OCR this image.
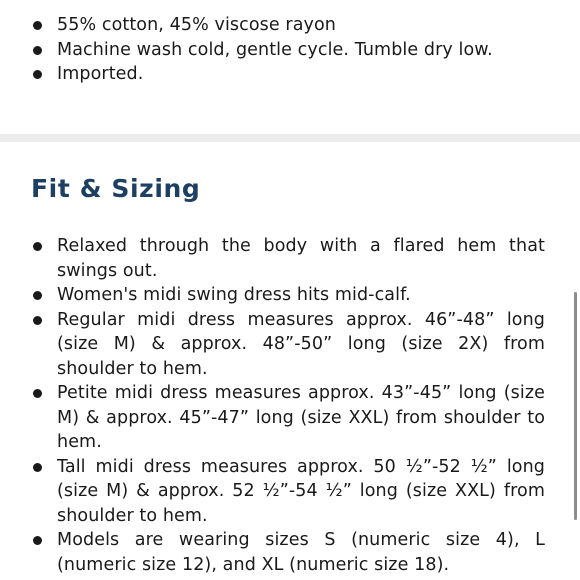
55% cotton, 45% viscose rayon
Machine wash cold, gentle cycle. Tumble dry low.
Imported.
Fit & Sizing
Relaxed through the body with a flared hem that swings out.
Women's midi swing dress hits mid-calf.
Regular midi dress measures approx. 46”-48” long (size M) & approx. 48”-50” long (size 2X) from shoulder to hem.
Petite midi dress measures approx. 43”-45” long (size M) & approx. 45”-47” long (size XXL) from shoulder to hem.
Tall midi dress measures approx. 50 ½”-52 ½” long (size M) & approx. 52 ½”-54 ½” long (size XXL) from shoulder to hem.
Models are wearing sizes S (numeric size 4), L (numeric size 12), and XL (numeric size 18).
